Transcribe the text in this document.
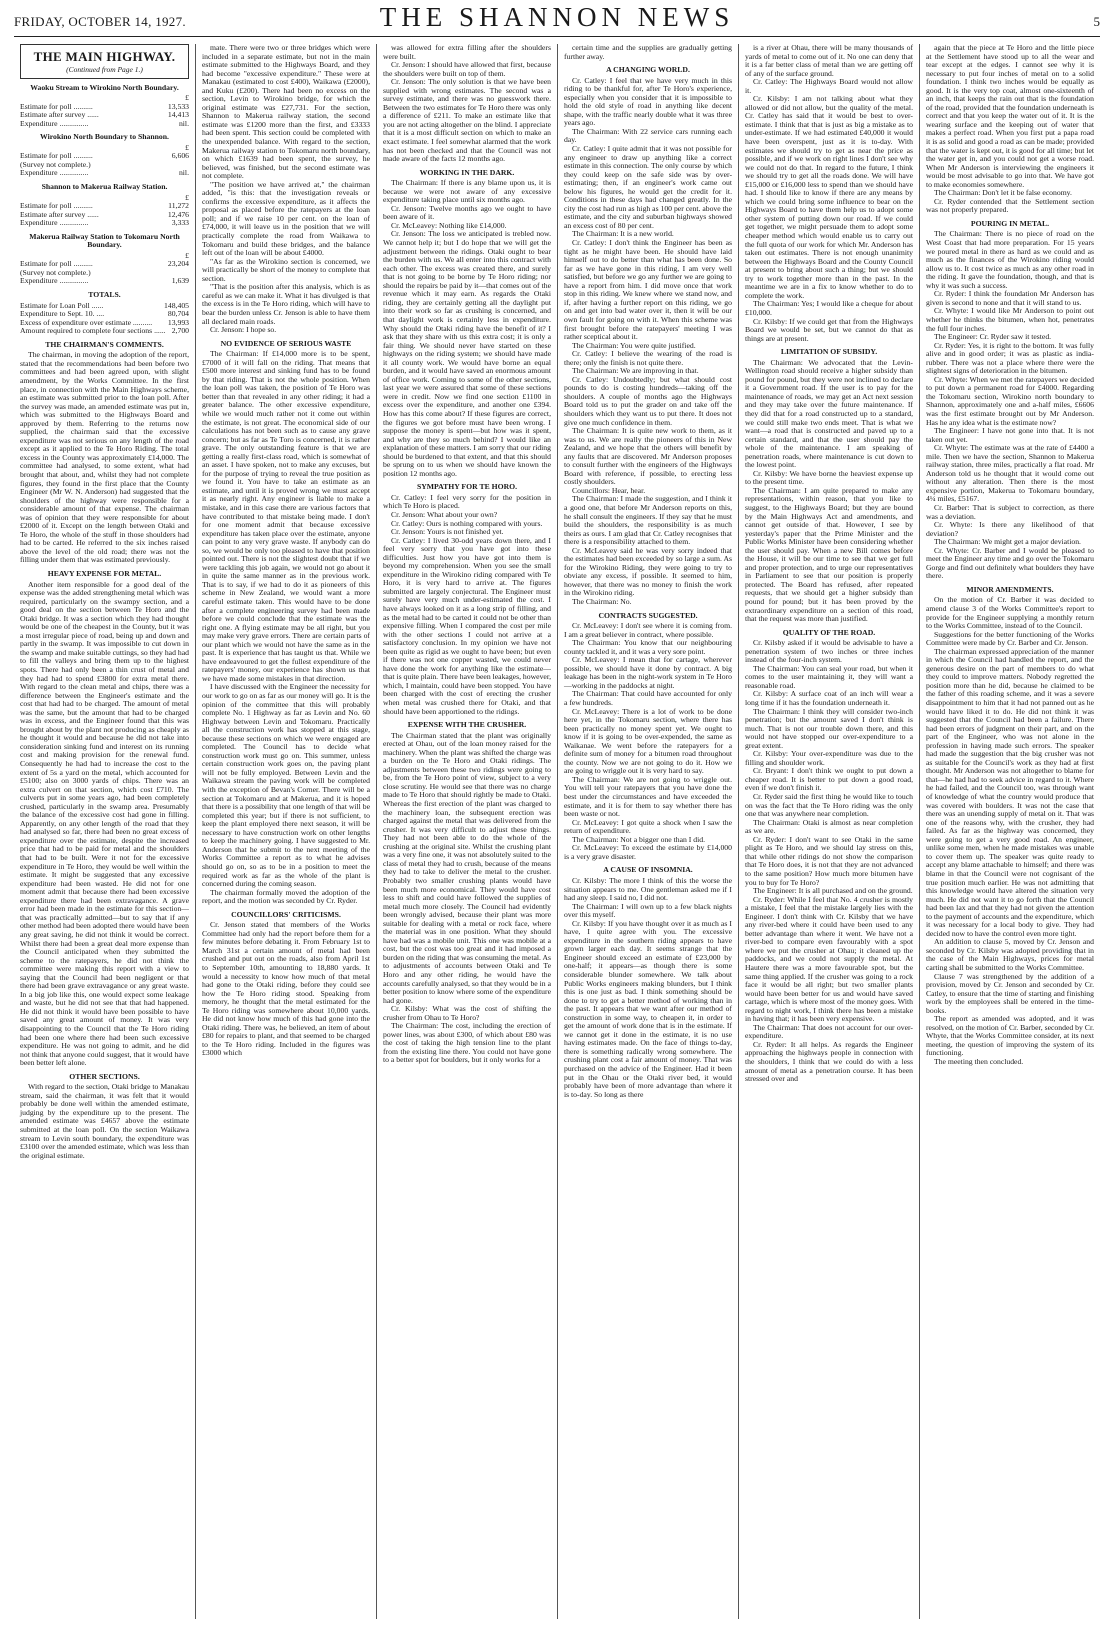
FRIDAY, OCTOBER 14, 1927.	THE SHANNON NEWS	5
THE MAIN HIGHWAY.
(Continued from Page 1.)
Waoku Stream to Wirokino North Boundary.
£
Estimate for poll ..........	13,533
Estimate after survey ......	14,413
Expenditure ...............	nil.
Wirokino North Boundary to Shannon.
£
Estimate for poll ..........	6,606
(Survey not complete.)
Expenditure ...............	nil.
Shannon to Makerua Railway Station.
£
Estimate for poll ..........	11,272
Estimate after survey ......	12,476
Expenditure ...............	3,333
Makerua Railway Station to Tokomaru North Boundary.
£
Estimate for poll ..........	23,204
(Survey not complete.)
Expenditure ...............	1,639
TOTALS.
Estimate for Loan Poll ......	148,405
Expenditure to Sept. 10. ....	80,704
Excess of expenditure over estimate .......... 13,993
Amount required to complete four sections ...... 2,700
THE CHAIRMAN'S COMMENTS.

The chairman, in moving the adoption of the report, stated that the recommendations had been before two committees and had been agreed upon, with slight amendment, by the Works Committee. In the first place, in connection with the Main Highways scheme, an estimate was submitted prior to the loan poll. After the survey was made, an amended estimate was put in, which was submitted to the Highways Board and approved by them. Referring to the returns now supplied, the chairman said that the excessive expenditure was not serious on any length of the road except as it applied to the Te Horo Riding. The total excess in the County was approximately £14,000. The committee had analysed, to some extent, what had brought that about, and, whilst they had not complete figures, they found in the first place that the County Engineer (Mr W. N. Anderson) had suggested that the shoulders of the highway were responsible for a considerable amount of that expense. The chairman was of opinion that they were responsible for about £2000 of it. Except on the length between Otaki and Te Horo, the whole of the stuff in those shoulders had had to be carted. He referred to the six inches raised above the level of the old road; there was not the filling under them that was estimated previously.

HEAVY EXPENSE FOR METAL.

Another item responsible for a good deal of the expense was the added strengthening metal which was required, particularly on the swampy section, and a good deal on the section between Te Horo and the Otaki bridge. It was a section which they had thought would be one of the cheapest in the County, but it was a most irregular piece of road, being up and down and partly in the swamp. It was impossible to cut down in the swamp and make suitable cuttings, so they had had to fill the valleys and bring them up to the highest spots. There had only been a thin crust of metal and they had had to spend £3800 for extra metal there. With regard to the clean metal and chips, there was a difference between the Engineer's estimate and the cost that had had to be charged. The amount of metal was the same, but the amount that had to be charged was in excess, and the Engineer found that this was brought about by the plant not producing as cheaply as he thought it would and because he did not take into consideration sinking fund and interest on its running cost and making provision for the renewal fund. Consequently he had had to increase the cost to the extent of 5s a yard on the metal, which accounted for £5100; also on 3000 yards of chips. There was an extra culvert on that section, which cost £710. The culverts put in some years ago, had been completely crushed, particularly in the swamp area. Presumably the balance of the excessive cost had gone in filling. Apparently, on any other length of the road that they had analysed so far, there had been no great excess of expenditure over the estimate, despite the increased price that had to be paid for metal and the shoulders that had to be built. Were it not for the excessive expenditure in Te Horo, they would be well within the estimate. It might be suggested that any excessive expenditure had been wasted. He did not for one moment admit that because there had been excessive expenditure there had been extravagance. A grave error had been made in the estimate for this section—that was practically admitted—but to say that if any other method had been adopted there would have been any great saving, he did not think it would be correct. Whilst there had been a great deal more expense than the Council anticipated when they submitted the scheme to the ratepayers, he did not think the committee were making this report with a view to saying that the Council had been negligent or that there had been grave extravagance or any great waste. In a big job like this, one would expect some leakage and waste, but he did not see that that had happened. He did not think it would have been possible to have saved any great amount of money. It was very disappointing to the Council that the Te Horo riding had been one where there had been such excessive expenditure. He was not going to admit, and he did not think that anyone could suggest, that it would have been better left alone.

OTHER SECTIONS.

With regard to the section, Otaki bridge to Manakau stream, said the chairman, it was felt that it would probably be done well within the amended estimate, judging by the expenditure up to the present. The amended estimate was £4657 above the estimate submitted at the loan poll. On the section Waikawa stream to Levin south boundary, the expenditure was £3100 over the amended estimate, which was less than the original estimate.

mate. There were two or three bridges which were included in a separate estimate, but not in the main estimate submitted to the Highways Board, and they had become "excessive expenditure." These were at Manakau (estimated to cost £400), Waikawa (£2000), and Kuku (£200). There had been no excess on the section, Levin to Wirokino bridge, for which the original estimate was £27,731. For the section, Shannon to Makerua railway station, the second estimate was £1200 more than the first, and £3333 had been spent. This section could be completed with the unexpended balance. With regard to the section, Makerua railway station to Tokomaru north boundary, on which £1639 had been spent, the survey, he believed, was finished, but the second estimate was not complete.

"The position we have arrived at," the chairman added, "is this: that the investigation reveals or confirms the excessive expenditure, as it affects the proposal as placed before the ratepayers at the loan poll; and if we raise 10 per cent. on the loan of £74,000, it will leave us in the position that we will practically complete the road from Waikawa to Tokomaru and build these bridges, and the balance left out of the loan will be about £4000.

"As far as the Wirokino section is concerned, we will practically be short of the money to complete that section.

"That is the position after this analysis, which is as careful as we can make it. What it has divulged is that the excess is in the Te Horo riding, which will have to bear the burden unless Cr. Jenson is able to have them all declared main roads.

Cr. Jenson: I hope so.

NO EVIDENCE OF SERIOUS WASTE

The Chairman: If £14,000 more is to be spent, £7000 of it will fall on the riding. That means that £500 more interest and sinking fund has to be found by that riding. That is not the whole position. When the loan poll was taken, the position of Te Horo was better than that revealed in any other riding; it had a greater balance. The other excessive expenditure, while we would much rather not it come out within the estimate, is not great. The economical side of our calculations has not been such as to cause any grave concern; but as far as Te Toro is concerned, it is rather grave. The only outstanding feature is that we are getting a really first-class road, which is somewhat of an asset. I have spoken, not to make any excuses, but for the purpose of trying to reveal the true position as we found it. You have to take an estimate as an estimate, and until it is proved wrong we must accept it as nearly right. Any engineer is liable to make a mistake, and in this case there are various factors that have contributed to that mistake being made. I don't for one moment admit that because excessive expenditure has taken place over the estimate, anyone can point to any very grave waste. If anybody can do so, we would be only too pleased to have that position pointed out. There is not the slightest doubt that if we were tackling this job again, we would not go about it in quite the same manner as in the previous work. That is to say, if we had to do it as pioneers of this scheme in New Zealand, we would want a more careful estimate taken. This would have to be done after a complete engineering survey had been made before we could conclude that the estimate was the right one. A flying estimate may be all right, but you may make very grave errors. There are certain parts of our plant which we would not have the same as in the past. It is experience that has taught us that. While we have endeavoured to get the fullest expenditure of the ratepayers' money, our experience has shown us that we have made some mistakes in that direction.

I have discussed with the Engineer the necessity for our work to go on as far as our money will go. It is the opinion of the committee that this will probably complete No. 1 Highway as far as Levin and No. 60 Highway between Levin and Tokomaru. Practically all the construction work has stopped at this stage, because these sections on which we were engaged are completed. The Council has to decide what construction work must go on. This summer, unless certain construction work goes on, the paving plant will not be fully employed. Between Levin and the Waikawa stream the paving work will be completed with the exception of Bevan's Corner. There will be a section at Tokomaru and at Makerua, and it is hoped that there is a possibility that one length of that will be completed this year; but if there is not sufficient, to keep the plant employed there next season, it will be necessary to have construction work on other lengths to keep the machinery going. I have suggested to Mr. Anderson that he submit to the next meeting of the Works Committee a report as to what he advises should go on, so as to be in a position to meet the required work as far as the whole of the plant is concerned during the coming season.

The chairman formally moved the adoption of the report, and the motion was seconded by Cr. Ryder.

COUNCILLORS' CRITICISMS.

Cr. Jenson stated that members of the Works Committee had only had the report before them for a few minutes before debating it. From February 1st to March 31st a certain amount of metal had been crushed and put out on the roads, also from April 1st to September 10th, amounting to 18,880 yards. It would a necessity to know how much of that metal had gone to the Otaki riding, before they could see how the Te Horo riding stood. Speaking from memory, he thought that the metal estimated for the Te Horo riding was somewhere about 10,000 yards. He did not know how much of this had gone into the Otaki riding. There was, he believed, an item of about £80 for repairs to plant, and that seemed to be charged to the Te Horo riding. Included in the figures was £3000 which

was allowed for extra filling after the shoulders were built.

Cr. Jenson: I should have allowed that first, because the shoulders were built on top of them.

Cr. Jenson: The only solution is that we have been supplied with wrong estimates. The second was a survey estimate, and there was no guesswork there. Between the two estimates for Te Horo there was only a difference of £211. To make an estimate like that you are not acting altogether on the blind. I appreciate that it is a most difficult section on which to make an exact estimate. I feel somewhat alarmed that the work has not been checked and that the Council was not made aware of the facts 12 months ago.

WORKING IN THE DARK.

The Chairman: If there is any blame upon us, it is because we were not aware of any excessive expenditure taking place until six months ago.

Cr. Jenson: Twelve months ago we ought to have been aware of it.

Cr. McLeavey: Nothing like £14,000.

Cr. Jenson: The loss we anticipated is trebled now. We cannot help it; but I do hope that we will get the adjustment between the ridings. Otaki ought to bear the burden with us. We all enter into this contract with each other. The excess was created there, and surely that is not going to be borne by Te Horo riding; nor should the repairs be paid by it—that comes out of the revenue which it may earn. As regards the Otaki riding, they are certainly getting all the daylight put into their work so far as crushing is concerned, and that daylight work is certainly less in expenditure. Why should the Otaki riding have the benefit of it? I ask that they share with us this extra cost; it is only a fair thing. We should never have started on these highways on the riding system; we should have made it all county work. We would have borne an equal burden, and it would have saved an enormous amount of office work. Coming to some of the other sections, last year we were assured that some of these sections were in credit. Now we find one section £1100 in excess over the expenditure, and another one £394. How has this come about? If these figures are correct, the figures we got before must have been wrong. I suppose the money is spent—but how was it spent, and why are they so much behind? I would like an explanation of these matters. I am sorry that our riding should be burdened to that extent, and that this should be sprung on to us when we should have known the position 12 months ago.

SYMPATHY FOR TE HORO.

Cr. Catley: I feel very sorry for the position in which Te Horo is placed.

Cr. Jenson: What about your own?

Cr. Catley: Ours is nothing compared with yours.

Cr. Jenson: Yours is not finished yet.

Cr. Catley: I lived 30-odd years down there, and I feel very sorry that you have got into these difficulties. Just how you have got into them is beyond my comprehension. When you see the small expenditure in the Wirokino riding compared with Te Horo, it is very hard to arrive at. The figures submitted are largely conjectural. The Engineer must surely have very much under-estimated the cost. I have always looked on it as a long strip of filling, and as the metal had to be carted it could not be other than expensive filling. When I compared the cost per mile with the other sections I could not arrive at a satisfactory conclusion. In my opinion we have not been quite as rigid as we ought to have been; but even if there was not one copper wasted, we could never have done the work for anything like the estimate—that is quite plain. There have been leakages, however, which, I maintain, could have been stopped. You have been charged with the cost of erecting the crusher when metal was crushed there for Otaki, and that should have been apportioned to the ridings.

EXPENSE WITH THE CRUSHER.

The Chairman stated that the plant was originally erected at Ohau, out of the loan money raised for the machinery. When the plant was shifted the charge was a burden on the Te Horo and Otaki ridings. The adjustments between these two ridings were going to be, from the Te Horo point of view, subject to a very close scrutiny. He would see that there was no charge made to Te Horo that should rightly be made to Otaki. Whereas the first erection of the plant was charged to the machinery loan, the subsequent erection was charged against the metal that was delivered from the crusher. It was very difficult to adjust these things. They had not been able to do the whole of the crushing at the original site. Whilst the crushing plant was a very fine one, it was not absolutely suited to the class of metal they had to crush, because of the means they had to take to deliver the metal to the crusher. Probably two smaller crushing plants would have been much more economical. They would have cost less to shift and could have followed the supplies of metal much more closely. The Council had evidently been wrongly advised, because their plant was more suitable for dealing with a metal or rock face, where the material was in one position. What they should have had was a mobile unit. This one was mobile at a cost, but the cost was too great and it had imposed a burden on the riding that was consuming the metal. As to adjustments of accounts between Otaki and Te Horo and any other riding, he would have the accounts carefully analysed, so that they would be in a better position to know where some of the expenditure had gone.

Cr. Kilsby: What was the cost of shifting the crusher from Ohau to Te Horo?

The Chairman: The cost, including the erection of power lines, was about £300, of which about £80 was the cost of taking the high tension line to the plant from the existing line there. You could not have gone to a better spot for boulders, but it only works for a

certain time and the supplies are gradually getting further away.

A CHANGING WORLD.

Cr. Catley: I feel that we have very much in this riding to be thankful for, after Te Horo's experience, especially when you consider that it is impossible to hold the old style of road in anything like decent shape, with the traffic nearly double what it was three years ago.

The Chairman: With 22 service cars running each day.

Cr. Catley: I quite admit that it was not possible for any engineer to draw up anything like a correct estimate in this connection. The only course by which they could keep on the safe side was by over-estimating; then, if an engineer's work came out below his figures, he would get the credit for it. Conditions in these days had changed greatly. In the city the cost had run as high as 100 per cent. above the estimate, and the city and suburban highways showed an excess cost of 80 per cent.

The Chairman: It is a new world.

Cr. Catley: I don't think the Engineer has been as tight as he might have been. He should have laid himself out to do better than what has been done. So far as we have gone in this riding, I am very well satisfied, but before we go any further we are going to have a report from him. I did move once that work stop in this riding. We knew where we stand now, and if, after having a further report on this riding, we go on and get into bad water over it, then it will be our own fault for going on with it. When this scheme was first brought before the ratepayers' meeting I was rather sceptical about it.

The Chairman: You were quite justified.

Cr. Catley: I believe the wearing of the road is there; only the finish is not quite there.

The Chairman: We are improving in that.

Cr. Catley: Undoubtedly; but what should cost pounds to do is costing hundreds—taking off the shoulders. A couple of months ago the Highways Board told us to put the grader on and take off the shoulders which they want us to put there. It does not give one much confidence in them.

The Chairman: It is quite new work to them, as it was to us. We are really the pioneers of this in New Zealand, and we hope that the others will benefit by any faults that are discovered. Mr Anderson proposes to consult further with the engineers of the Highways Board with reference, if possible, to erecting less costly shoulders.

Councillors: Hear, hear.

The Chairman: I made the suggestion, and I think it a good one, that before Mr Anderson reports on this, he shall consult the engineers. If they say that he must build the shoulders, the responsibility is as much theirs as ours. I am glad that Cr. Catley recognises that there is a responsibility attached to them.

Cr. McLeavey said he was very sorry indeed that the estimates had been exceeded by so large a sum. As for the Wirokino Riding, they were going to try to obviate any excess, if possible. It seemed to him, however, that there was no money to finish the work in the Wirokino riding.

The Chairman: No.

CONTRACTS SUGGESTED.

Cr. McLeavey: I don't see where it is coming from. I am a great believer in contract, where possible.

The Chairman: You know that our neighbouring county tackled it, and it was a very sore point.

Cr. McLeavey: I mean that for cartage, wherever possible, we should have it done by contract. A big leakage has been in the night-work system in Te Horo—working in the paddocks at night.

The Chairman: That could have accounted for only a few hundreds.

Cr. McLeavey: There is a lot of work to be done here yet, in the Tokomaru section, where there has been practically no money spent yet. We ought to know if it is going to be over-expended, the same as Waikanae. We went before the ratepayers for a definite sum of money for a bitumen road throughout the county. Now we are not going to do it. How we are going to wriggle out it is very hard to say.

The Chairman: We are not going to wriggle out. You will tell your ratepayers that you have done the best under the circumstances and have exceeded the estimate, and it is for them to say whether there has been waste or not.

Cr. McLeavey: I got quite a shock when I saw the return of expenditure.

The Chairman: Not a bigger one than I did.

Cr. McLeavey: To exceed the estimate by £14,000 is a very grave disaster.

A CAUSE OF INSOMNIA.

Cr. Kilsby: The more I think of this the worse the situation appears to me. One gentleman asked me if I had any sleep. I said no, I did not.

The Chairman: I will own up to a few black nights over this myself.

Cr. Kilsby: If you have thought over it as much as I have, I quite agree with you. The excessive expenditure in the southern riding appears to have grown larger each day. It seems strange that the Engineer should exceed an estimate of £23,000 by one-half; it appears—as though there is some considerable blunder somewhere. We talk about Public Works engineers making blunders, but I think this is one just as bad. I think something should be done to try to get a better method of working than in the past. It appears that we want after our method of construction in some way, to cheapen it, in order to get the amount of work done that is in the estimate. If we cannot get it done in the estimate, it is no use having estimates made. On the face of things to-day, there is something radically wrong somewhere. The crushing plant cost a fair amount of money. That was purchased on the advice of the Engineer. Had it been put in the Ohau or the Otaki river bed, it would probably have been of more advantage than where it is to-day. So long as there

is a river at Ohau, there will be many thousands of yards of metal to come out of it. No one can deny that it is a far better class of metal than we are getting off of any of the surface ground.

Cr. Catley: The Highways Board would not allow it.

Cr. Kilsby: I am not talking about what they allowed or did not allow, but the quality of the metal. Cr. Catley has said that it would be best to over-estimate. I think that that is just as big a mistake as to under-estimate. If we had estimated £40,000 it would have been overspent, just as it is to-day. With estimates we should try to get as near the price as possible, and if we work on right lines I don't see why we could not do that. In regard to the future, I think we should try to get all the roads done. We will have £15,000 or £16,000 less to spend than we should have had. I should like to know if there are any means by which we could bring some influence to bear on the Highways Board to have them help us to adopt some other system of putting down our road. If we could get together, we might persuade them to adopt some cheaper method which would enable us to carry out the full quota of our work for which Mr. Anderson has taken out estimates. There is not enough unanimity between the Highways Board and the County Council at present to bring about such a thing; but we should try to work together more than in the past. In the meantime we are in a fix to know whether to do to complete the work.

The Chairman: Yes; I would like a cheque for about £10,000.

Cr. Kilsby: If we could get that from the Highways Board we would be set, but we cannot do that as things are at present.

LIMITATION OF SUBSIDY.

The Chairman: We advocated that the Levin-Wellington road should receive a higher subsidy than pound for pound, but they were not inclined to declare it a Government road. If the user is to pay for the maintenance of roads, we may get an Act next session and they may take over the future maintenance. If they did that for a road constructed up to a standard, we could still make two ends meet. That is what we want—a road that is constructed and paved up to a certain standard, and that the user should pay the whole of the maintenance. I am speaking of penetration roads, where maintenance is cut down to the lowest point.

Cr. Kilsby: We have borne the heaviest expense up to the present time.

The Chairman: I am quite prepared to make any representations, within reason, that you like to suggest, to the Highways Board; but they are bound by the Main Highways Act and amendments, and cannot get outside of that. However, I see by yesterday's paper that the Prime Minister and the Public Works Minister have been considering whether the user should pay. When a new Bill comes before the House, it will be our time to see that we get full and proper protection, and to urge our representatives in Parliament to see that our position is properly protected. The Board has refused, after repeated requests, that we should get a higher subsidy than pound for pound; but it has been proved by the extraordinary expenditure on a section of this road, that the request was more than justified.

QUALITY OF THE ROAD.

Cr. Kilsby asked if it would be advisable to have a penetration system of two inches or three inches instead of the four-inch system.

The Chairman: You can seal your road, but when it comes to the user maintaining it, they will want a reasonable road.

Cr. Kilsby: A surface coat of an inch will wear a long time if it has the foundation underneath it.

The Chairman: I think they will consider two-inch penetration; but the amount saved I don't think is much. That is not our trouble down there, and this would not have stopped our over-expenditure to a great extent.

Cr. Kilsby: Your over-expenditure was due to the filling and shoulder work.

Cr. Bryant: I don't think we ought to put down a cheaper road. It is better to put down a good road, even if we don't finish it.

Cr. Ryder said the first thing he would like to touch on was the fact that the Te Horo riding was the only one that was anywhere near completion.

The Chairman: Otaki is almost as near completion as we are.

Cr. Ryder: I don't want to see Otaki in the same plight as Te Horo, and we should lay stress on this, that while other ridings do not show the comparison that Te Horo does, it is not that they are not advanced to the same position? How much more bitumen have you to buy for Te Horo?

The Engineer: It is all purchased and on the ground.

Cr. Ryder: While I feel that No. 4 crusher is mostly a mistake, I feel that the mistake largely lies with the Engineer. I don't think with Cr. Kilsby that we have any river-bed where it could have been used to any better advantage than where it went. We have not a river-bed to compare even favourably with a spot where we put the crusher at Ohau; it cleaned up the paddocks, and we could not supply the metal. At Hautere there was a more favourable spot, but the same thing applied. If the crusher was going to a rock face it would be all right; but two smaller plants would have been better for us and would have saved cartage, which is where most of the money goes. With regard to night work, I think there has been a mistake in having that; it has been very expensive.

The Chairman: That does not account for our over-expenditure.

Cr. Ryder: It all helps. As regards the Engineer approaching the highways people in connection with the shoulders, I think that we could do with a less amount of metal as a penetration course. It has been stressed over and

again that the piece at Te Horo and the little piece at the Settlement have stood up to all the wear and tear except at the edges. I cannot see why it is necessary to put four inches of metal on to a solid foundation. I think two inches would be equally as good. It is the very top coat, almost one-sixteenth of an inch, that keeps the rain out that is the foundation of the road, provided that the foundation underneath is correct and that you keep the water out of it. It is the wearing surface and the keeping out of water that makes a perfect road. When you first put a papa road it is as solid and good a road as can be made; provided that the water is kept out, it is good for all time; but let the water get in, and you could not get a worse road. When Mr Anderson is interviewing the engineers it would be most advisable to go into that. We have got to make economies somewhere.

The Chairman: Don't let it be false economy.

Cr. Ryder contended that the Settlement section was not properly prepared.

POURING IN METAL.

The Chairman: There is no piece of road on the West Coast that had more preparation. For 15 years we poured metal in there as hard as we could and as much as the finances of the Wirokino riding would allow us to. It cost twice as much as any other road in the riding. It gave the foundation, though, and that is why it was such a success.

Cr. Ryder: I think the foundation Mr Anderson has given is second to none and that it will stand to us.

Cr. Whyte: I would like Mr Anderson to point out whether he thinks the bitumen, when hot, penetrates the full four inches.

The Engineer: Cr. Ryder saw it tested.

Cr. Ryder: Yes, it is right to the bottom. It was fully alive and in good order; it was as plastic as india-rubber. There was not a place where there were the slightest signs of deterioration in the bitumen.

Cr. Whyte: When we met the ratepayers we decided to put down a permanent road for £4000. Regarding the Tokomaru section, Wirokino north boundary to Shannon, approximately one and a-half miles, £6606 was the first estimate brought out by Mr Anderson. Has he any idea what is the estimate now?

The Engineer: I have not gone into that. It is not taken out yet.

Cr. Whyte: The estimate was at the rate of £4400 a mile. Then we have the section, Shannon to Makerua railway station, three miles, practically a flat road. Mr Anderson told us he thought that it would come out without any alteration. Then there is the most expensive portion, Makerua to Tokomaru boundary, 4¼ miles, £5167.

Cr. Barber: That is subject to correction, as there was a deviation.

Cr. Whyte: Is there any likelihood of that deviation?

The Chairman: We might get a major deviation.

Cr. Whyte: Cr. Barber and I would be pleased to meet the Engineer any time and go over the Tokomaru Gorge and find out definitely what boulders they have there.

MINOR AMENDMENTS.

On the motion of Cr. Barber it was decided to amend clause 3 of the Works Committee's report to provide for the Engineer supplying a monthly return to the Works Committee, instead of to the Council.

Suggestions for the better functioning of the Works Committee were made by Cr. Barber and Cr. Jenson.

The chairman expressed appreciation of the manner in which the Council had handled the report, and the generous desire on the part of members to do what they could to improve matters. Nobody regretted the position more than he did, because he claimed to be the father of this roading scheme, and it was a severe disappointment to him that it had not panned out as he would have liked it to do. He did not think it was suggested that the Council had been a failure. There had been errors of judgment on their part, and on the part of the Engineer, who was not alone in the profession in having made such errors. The speaker had made the suggestion that the big crusher was not as suitable for the Council's work as they had at first thought. Mr Anderson was not altogether to blame for that—he had had to seek advice in regard to it. Where he had failed, and the Council too, was through want of knowledge of what the country would produce that was covered with boulders. It was not the case that there was an unending supply of metal on it. That was one of the reasons why, with the crusher, they had failed. As far as the highway was concerned, they were going to get a very good road. An engineer, unlike some men, when he made mistakes was unable to cover them up. The speaker was quite ready to accept any blame attachable to himself; and there was blame in that the Council were not cognisant of the true position much earlier. He was not admitting that this knowledge would have altered the situation very much. He did not want it to go forth that the Council had been lax and that they had not given the attention to the payment of accounts and the expenditure, which it was necessary for a local body to give. They had decided now to have the control even more tight.

An addition to clause 5, moved by Cr. Jenson and seconded by Cr. Kilsby was adopted providing that in the case of the Main Highways, prices for metal carting shall be submitted to the Works Committee.

Clause 7 was strengthened by the addition of a provision, moved by Cr. Jenson and seconded by Cr. Catley, to ensure that the time of starting and finishing work by the employees shall be entered in the time-books.

The report as amended was adopted, and it was resolved, on the motion of Cr. Barber, seconded by Cr. Whyte, that the Works Committee consider, at its next meeting, the question of improving the system of its functioning.

The meeting then concluded.
